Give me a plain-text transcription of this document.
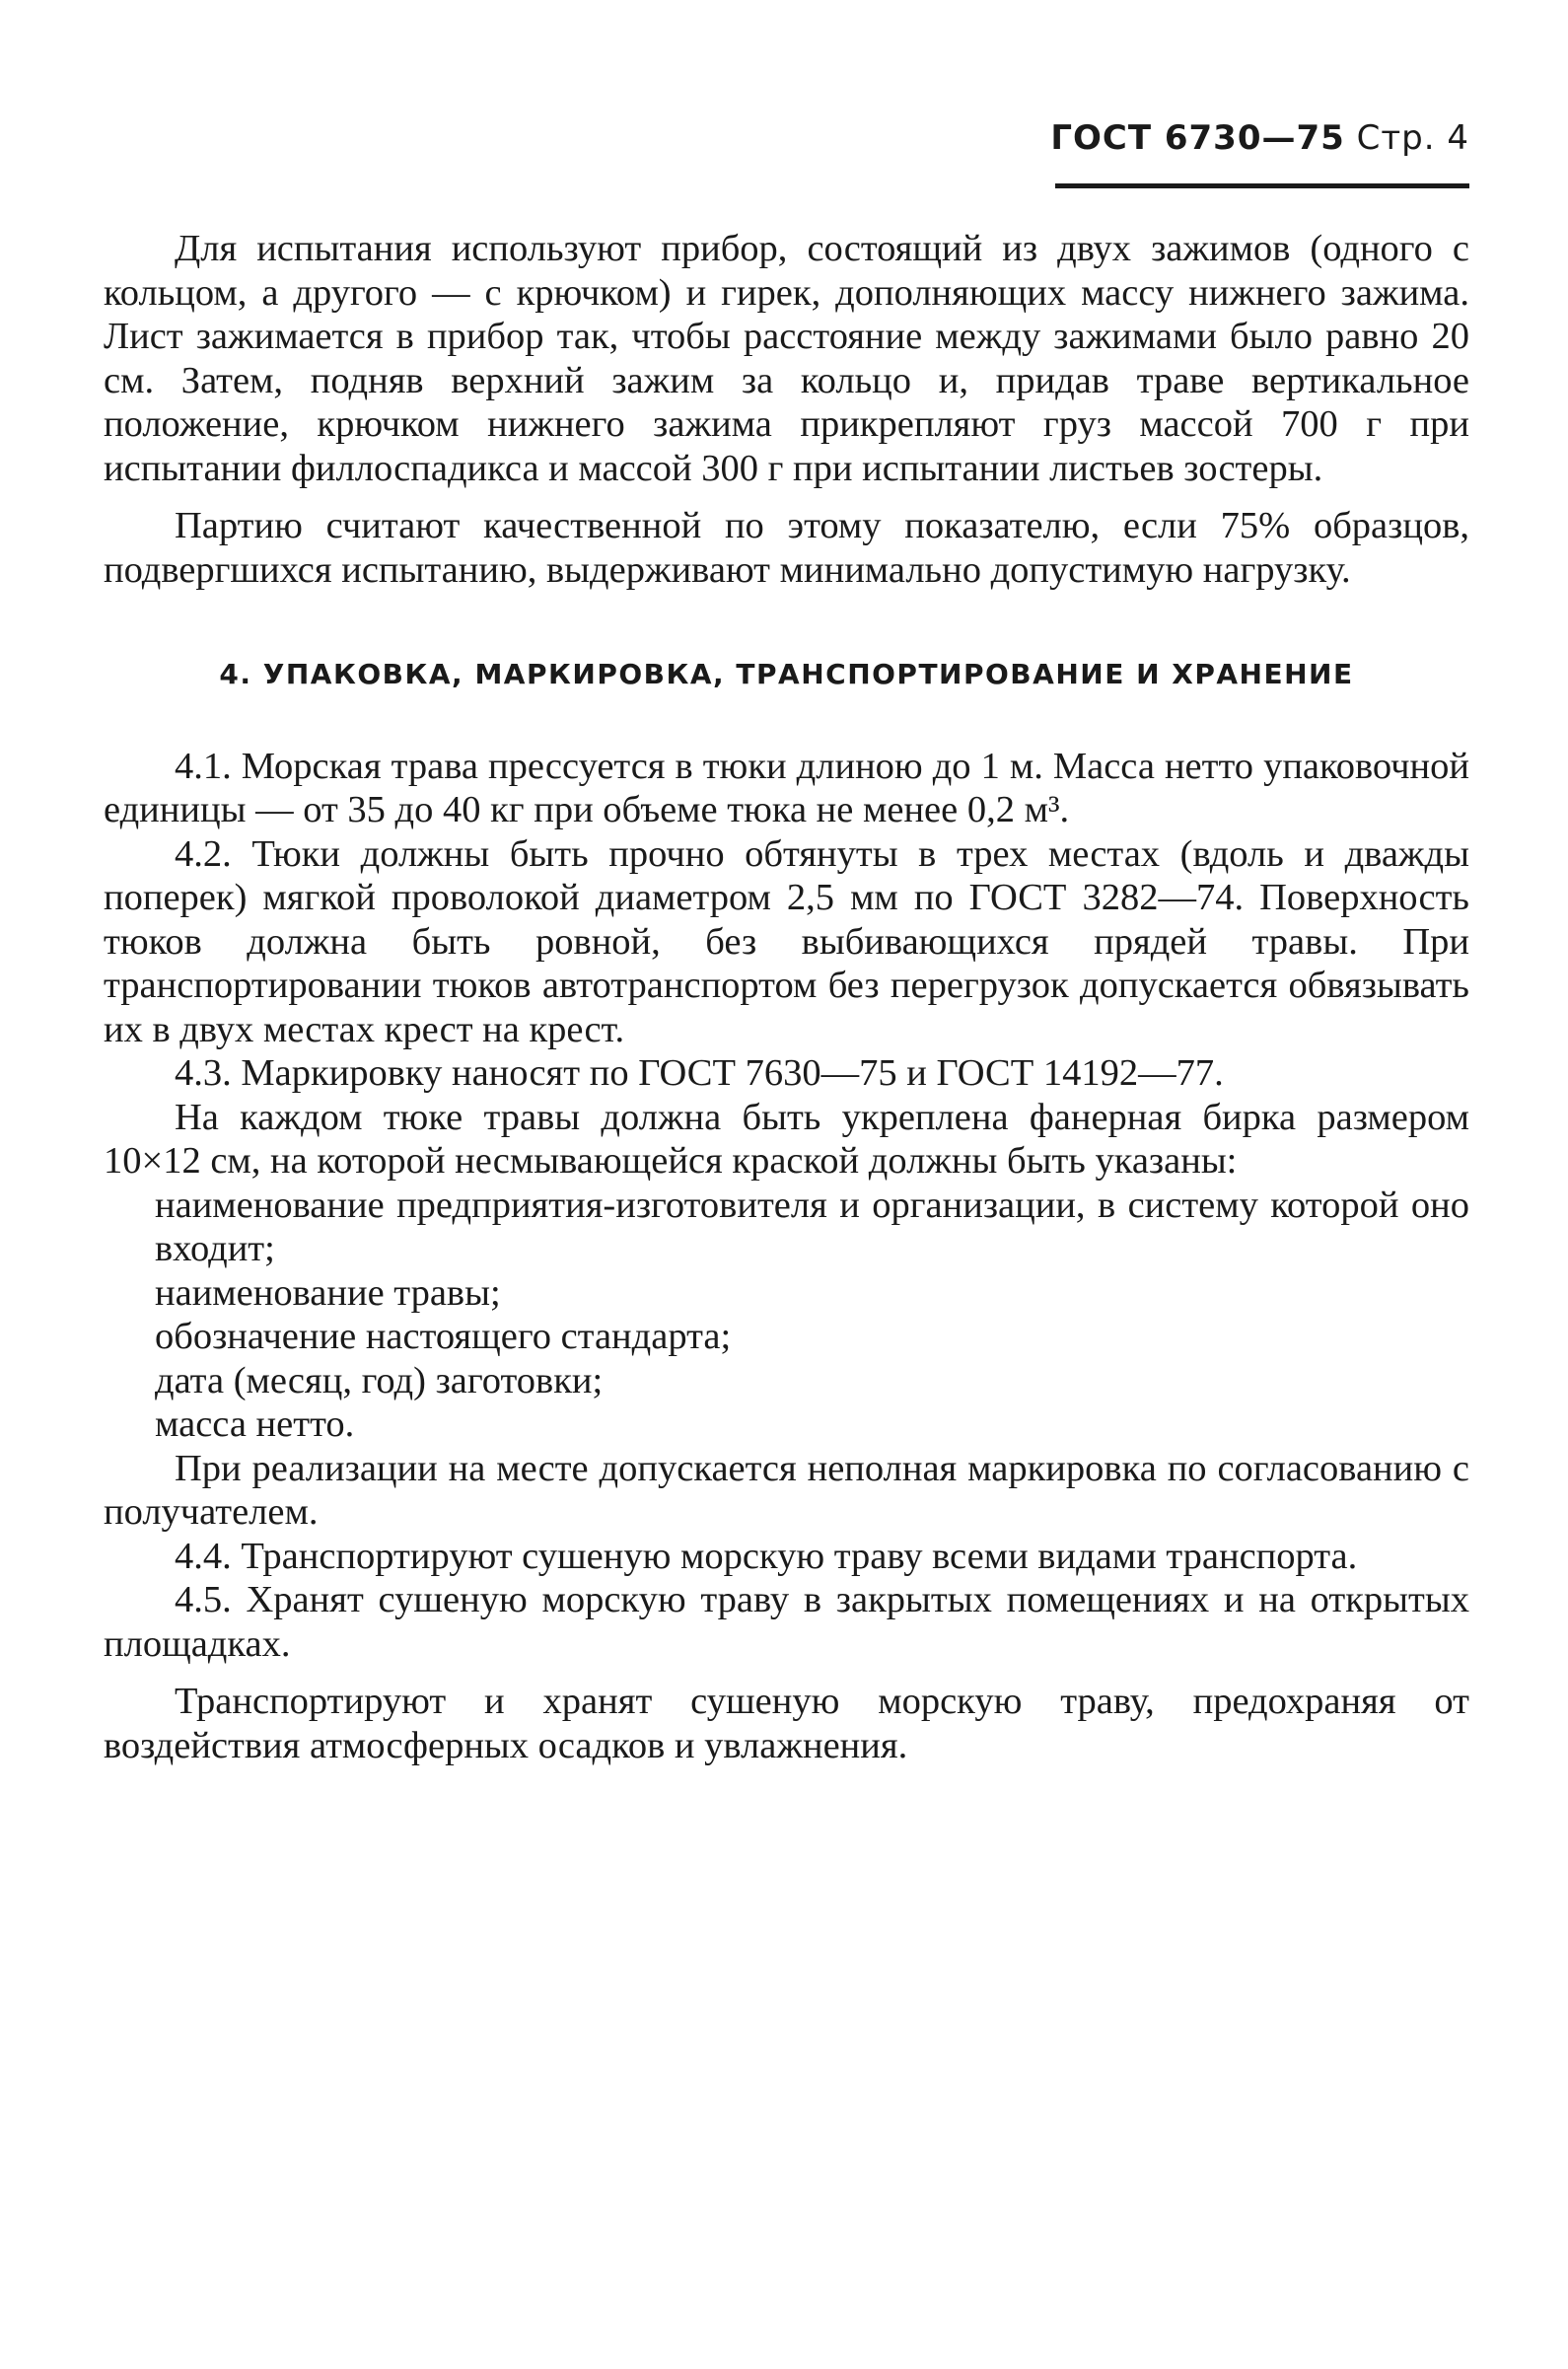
ГОСТ 6730—75 Стр. 4

Для испытания используют прибор, состоящий из двух зажимов (одного с кольцом, а другого — с крючком) и гирек, дополняющих массу нижнего зажима. Лист зажимается в прибор так, чтобы расстояние между зажимами было равно 20 см. Затем, подняв верхний зажим за кольцо и, придав траве вертикальное положение, крючком нижнего зажима прикрепляют груз массой 700 г при испытании филлоспадикса и массой 300 г при испытании листьев зостеры.

Партию считают качественной по этому показателю, если 75% образцов, подвергшихся испытанию, выдерживают минимально допустимую нагрузку.

4. УПАКОВКА, МАРКИРОВКА, ТРАНСПОРТИРОВАНИЕ И ХРАНЕНИЕ

4.1. Морская трава прессуется в тюки длиною до 1 м. Масса нетто упаковочной единицы — от 35 до 40 кг при объеме тюка не менее 0,2 м³.

4.2. Тюки должны быть прочно обтянуты в трех местах (вдоль и дважды поперек) мягкой проволокой диаметром 2,5 мм по ГОСТ 3282—74. Поверхность тюков должна быть ровной, без выбивающихся прядей травы. При транспортировании тюков автотранспортом без перегрузок допускается обвязывать их в двух местах крест на крест.

4.3. Маркировку наносят по ГОСТ 7630—75 и ГОСТ 14192—77.

На каждом тюке травы должна быть укреплена фанерная бирка размером 10×12 см, на которой несмывающейся краской должны быть указаны:

наименование предприятия-изготовителя и организации, в систему которой оно входит;

наименование травы;

обозначение настоящего стандарта;

дата (месяц, год) заготовки;

масса нетто.

При реализации на месте допускается неполная маркировка по согласованию с получателем.

4.4. Транспортируют сушеную морскую траву всеми видами транспорта.

4.5. Хранят сушеную морскую траву в закрытых помещениях и на открытых площадках.

Транспортируют и хранят сушеную морскую траву, предохраняя от воздействия атмосферных осадков и увлажнения.
